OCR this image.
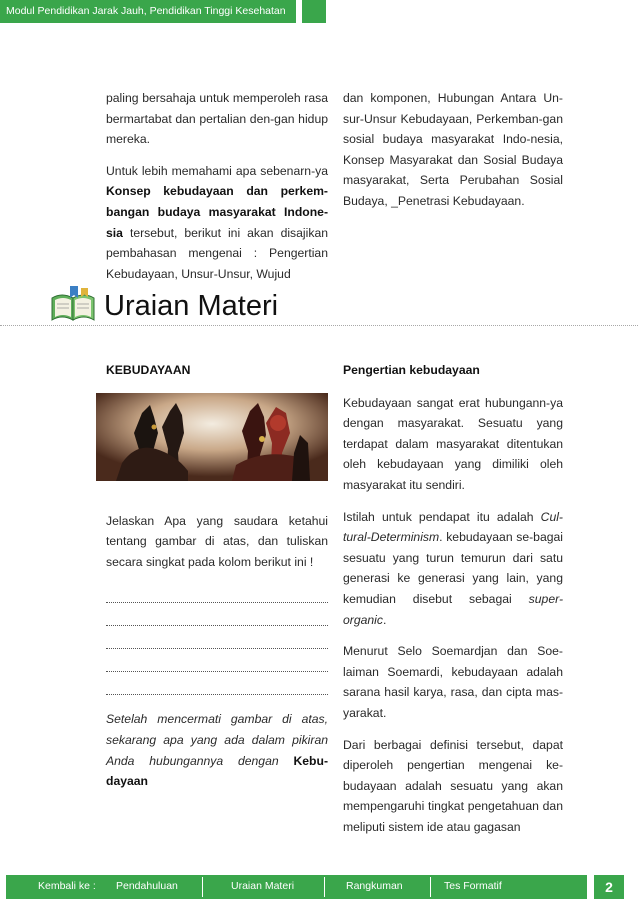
Modul Pendidikan Jarak Jauh, Pendidikan Tinggi Kesehatan

paling bersahaja untuk memperoleh rasa bermartabat dan pertalian den-gan hidup mereka.

Untuk lebih memahami apa sebenarn-ya Konsep kebudayaan dan perkem-bangan budaya masyarakat Indone-sia tersebut, berikut ini akan disajikan pembahasan mengenai : Pengertian Kebudayaan, Unsur-Unsur, Wujud

dan komponen, Hubungan Antara Un-sur-Unsur Kebudayaan, Perkemban-gan sosial budaya masyarakat Indo-nesia, Konsep Masyarakat dan Sosial Budaya masyarakat, Serta Perubahan Sosial Budaya, _Penetrasi Kebudayaan.

Uraian Materi
KEBUDAYAAN

Jelaskan Apa yang saudara ketahui tentang gambar di atas, dan tuliskan secara singkat pada kolom berikut ini !

Setelah mencermati gambar di atas, sekarang apa yang ada dalam pikiran Anda hubungannya dengan Kebu-dayaan

Pengertian kebudayaan

Kebudayaan sangat erat hubungann-ya dengan masyarakat. Sesuatu yang terdapat dalam masyarakat ditentukan oleh kebudayaan yang dimiliki oleh masyarakat itu sendiri.

Istilah untuk pendapat itu adalah Cul-tural-Determinism. kebudayaan se-bagai sesuatu yang turun temurun dari satu generasi ke generasi yang lain, yang kemudian disebut sebagai super-organic.

Menurut Selo Soemardjan dan Soe-laiman Soemardi, kebudayaan adalah sarana hasil karya, rasa, dan cipta mas-yarakat.

Dari berbagai definisi tersebut, dapat diperoleh pengertian mengenai ke-budayaan adalah sesuatu yang akan mempengaruhi tingkat pengetahuan dan meliputi sistem ide atau gagasan

Kembali ke : Pendahuluan	Uraian Materi	Rangkuman	Tes Formatif	2
